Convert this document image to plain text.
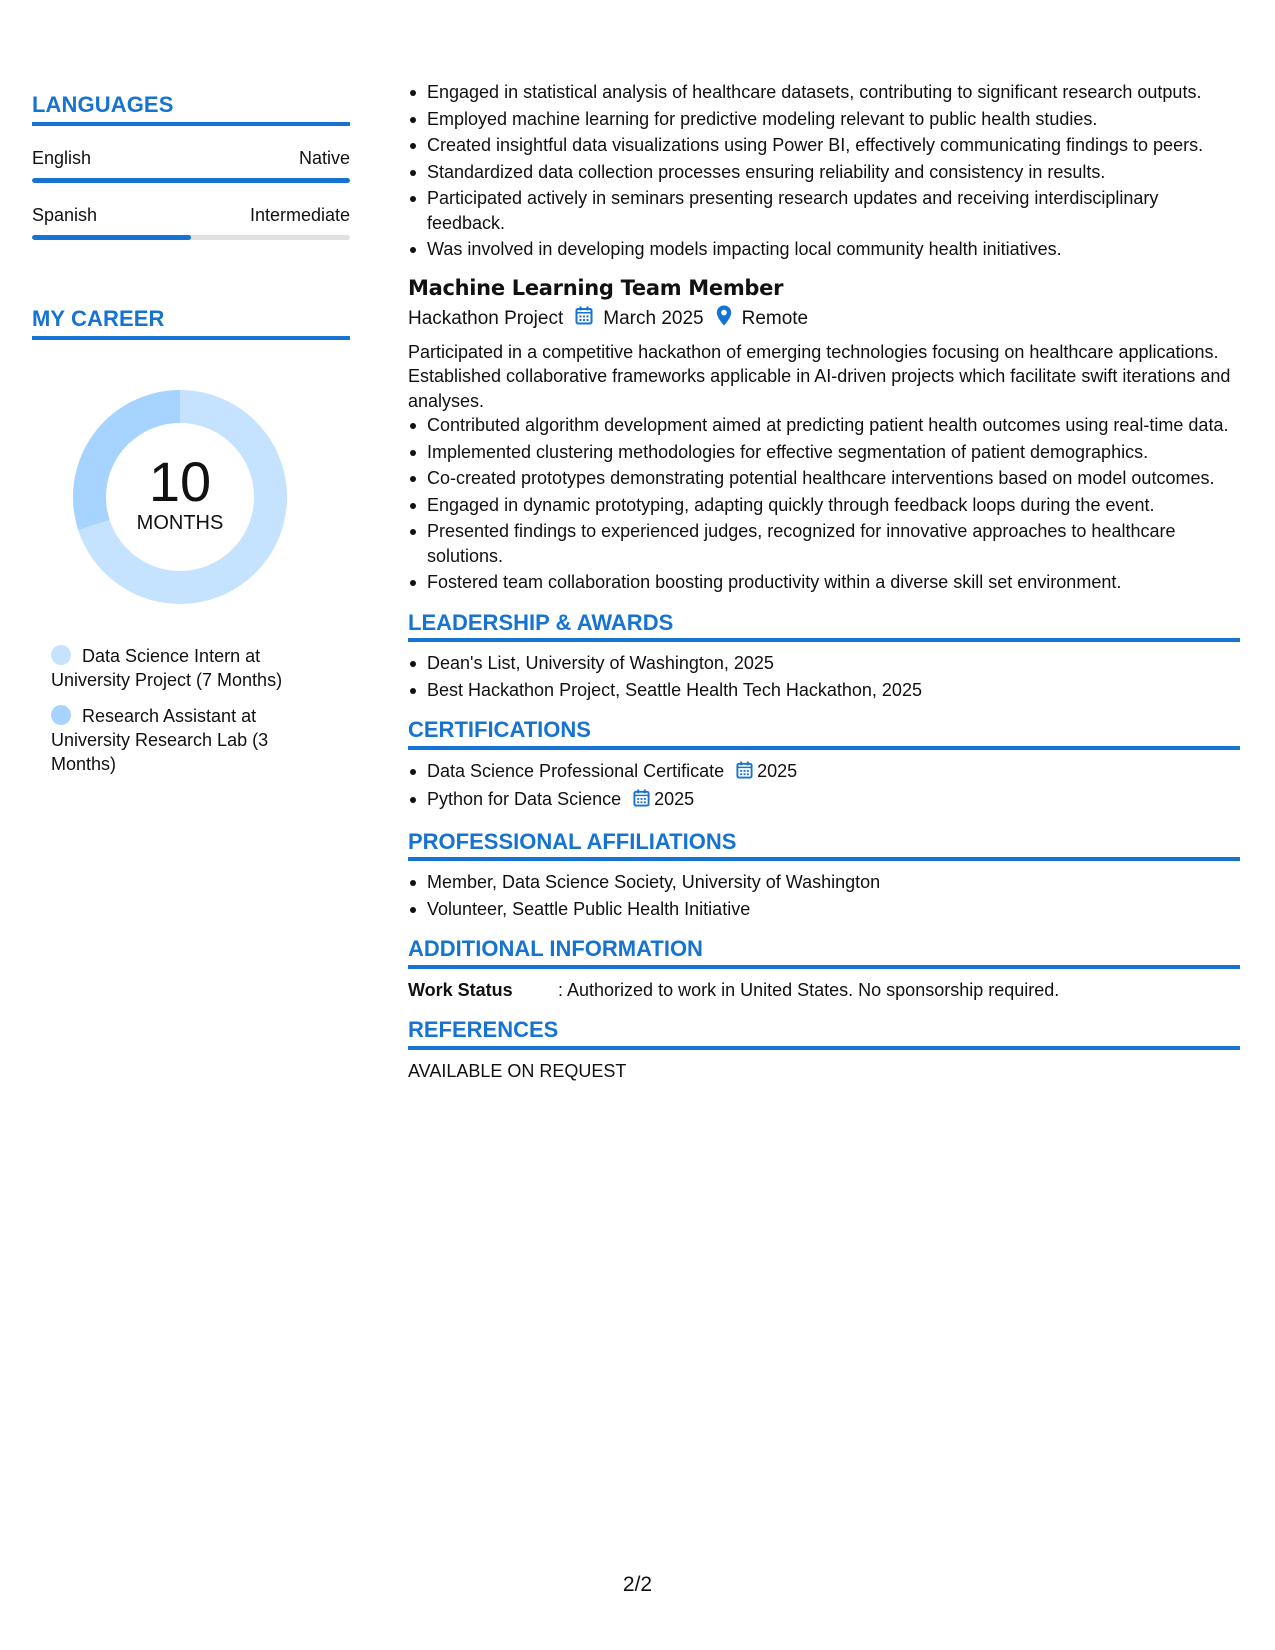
LANGUAGES
English	Native
Spanish	Intermediate
MY CAREER
10
MONTHS
Data Science Intern at University Project (7 Months)
Research Assistant at University Research Lab (3 Months)
Engaged in statistical analysis of healthcare datasets, contributing to significant research outputs.
Employed machine learning for predictive modeling relevant to public health studies.
Created insightful data visualizations using Power BI, effectively communicating findings to peers.
Standardized data collection processes ensuring reliability and consistency in results.
Participated actively in seminars presenting research updates and receiving interdisciplinary feedback.
Was involved in developing models impacting local community health initiatives.
Machine Learning Team Member
Hackathon Project March 2025 Remote
Participated in a competitive hackathon of emerging technologies focusing on healthcare applications. Established collaborative frameworks applicable in AI-driven projects which facilitate swift iterations and analyses.
Contributed algorithm development aimed at predicting patient health outcomes using real-time data.
Implemented clustering methodologies for effective segmentation of patient demographics.
Co-created prototypes demonstrating potential healthcare interventions based on model outcomes.
Engaged in dynamic prototyping, adapting quickly through feedback loops during the event.
Presented findings to experienced judges, recognized for innovative approaches to healthcare solutions.
Fostered team collaboration boosting productivity within a diverse skill set environment.
LEADERSHIP & AWARDS
Dean's List, University of Washington, 2025
Best Hackathon Project, Seattle Health Tech Hackathon, 2025
CERTIFICATIONS
Data Science Professional Certificate 2025
Python for Data Science 2025
PROFESSIONAL AFFILIATIONS
Member, Data Science Society, University of Washington
Volunteer, Seattle Public Health Initiative
ADDITIONAL INFORMATION
Work Status	: Authorized to work in United States. No sponsorship required.
REFERENCES
AVAILABLE ON REQUEST
2/2
